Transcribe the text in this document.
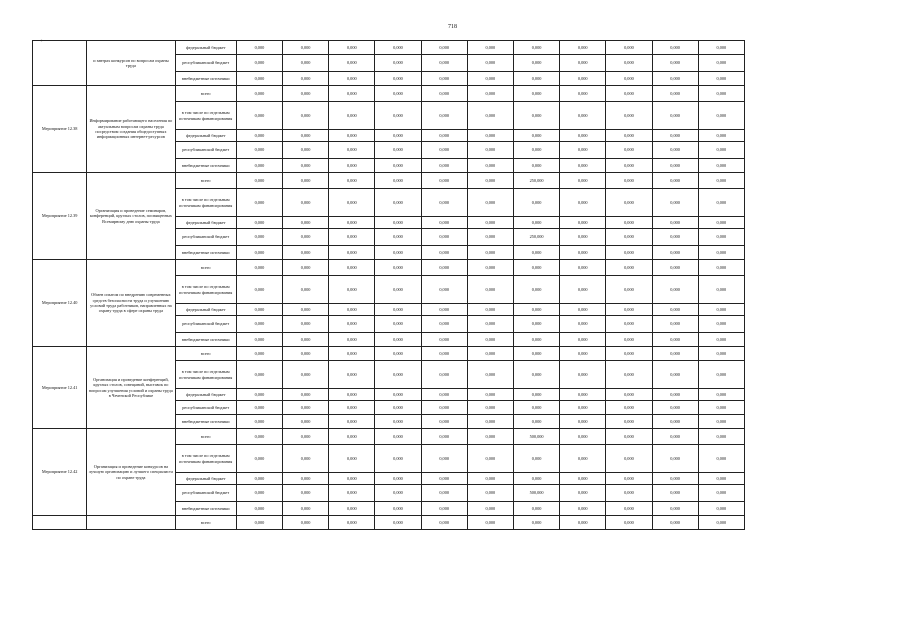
718
*
	и завтрах конкурсов по вопросам охраны труда	федеральный бюджет	0,000	0,000	0,000	0,000	0,000	0,000	0,000	0,000	0,000	0,000	0,000
		республиканский бюджет	0,000	0,000	0,000	0,000	0,000	0,000	0,000	0,000	0,000	0,000	0,000
		внебюджетные источники	0,000	0,000	0,000	0,000	0,000	0,000	0,000	0,000	0,000	0,000	0,000
Мероприятие 12.38	Информирование работающего населения по актуальным вопросам охраны труда посредством создания общедоступных информационных интернет-ресурсов	всего	0,000	0,000	0,000	0,000	0,000	0,000	0,000	0,000	0,000	0,000	0,000
		в том числе по отдельным источникам финансирования	0,000	0,000	0,000	0,000	0,000	0,000	0,000	0,000	0,000	0,000	0,000
		федеральный бюджет	0,000	0,000	0,000	0,000	0,000	0,000	0,000	0,000	0,000	0,000	0,000
		республиканский бюджет	0,000	0,000	0,000	0,000	0,000	0,000	0,000	0,000	0,000	0,000	0,000
		внебюджетные источники	0,000	0,000	0,000	0,000	0,000	0,000	0,000	0,000	0,000	0,000	0,000
Мероприятие 12.39	Организация и проведение семинаров, конференций, круглых столов, посвященных Всемирному дню охраны труда	всего	0,000	0,000	0,000	0,000	0,000	0,000	250,000	0,000	0,000	0,000	0,000
		в том числе по отдельным источникам финансирования	0,000	0,000	0,000	0,000	0,000	0,000	0,000	0,000	0,000	0,000	0,000
		федеральный бюджет	0,000	0,000	0,000	0,000	0,000	0,000	0,000	0,000	0,000	0,000	0,000
		республиканский бюджет	0,000	0,000	0,000	0,000	0,000	0,000	250,000	0,000	0,000	0,000	0,000
		внебюджетные источники	0,000	0,000	0,000	0,000	0,000	0,000	0,000	0,000	0,000	0,000	0,000
Мероприятие 12.40	Обмен опытом по внедрению современных средств безопасности труда и улучшению условий труда работников, направленных на охрану труда в сфере охраны труда	всего	0,000	0,000	0,000	0,000	0,000	0,000	0,000	0,000	0,000	0,000	0,000
		в том числе по отдельным источникам финансирования	0,000	0,000	0,000	0,000	0,000	0,000	0,000	0,000	0,000	0,000	0,000
		федеральный бюджет	0,000	0,000	0,000	0,000	0,000	0,000	0,000	0,000	0,000	0,000	0,000
		республиканский бюджет	0,000	0,000	0,000	0,000	0,000	0,000	0,000	0,000	0,000	0,000	0,000
		внебюджетные источники	0,000	0,000	0,000	0,000	0,000	0,000	0,000	0,000	0,000	0,000	0,000
Мероприятие 12.41	Организация и проведение конференций, круглых столов, совещаний, выставок по вопросам улучшения условий и охраны труда в Чеченской Республике	всего	0,000	0,000	0,000	0,000	0,000	0,000	0,000	0,000	0,000	0,000	0,000
		в том числе по отдельным источникам финансирования	0,000	0,000	0,000	0,000	0,000	0,000	0,000	0,000	0,000	0,000	0,000
		федеральный бюджет	0,000	0,000	0,000	0,000	0,000	0,000	0,000	0,000	0,000	0,000	0,000
		республиканский бюджет	0,000	0,000	0,000	0,000	0,000	0,000	0,000	0,000	0,000	0,000	0,000
		внебюджетные источники	0,000	0,000	0,000	0,000	0,000	0,000	0,000	0,000	0,000	0,000	0,000
Мероприятие 12.42	Организация и проведение конкурсов на лучшую организацию и лучшего специалиста по охране труда	всего	0,000	0,000	0,000	0,000	0,000	0,000	500,000	0,000	0,000	0,000	0,000
		в том числе по отдельным источникам финансирования	0,000	0,000	0,000	0,000	0,000	0,000	0,000	0,000	0,000	0,000	0,000
		федеральный бюджет	0,000	0,000	0,000	0,000	0,000	0,000	0,000	0,000	0,000	0,000	0,000
		республиканский бюджет	0,000	0,000	0,000	0,000	0,000	0,000	500,000	0,000	0,000	0,000	0,000
		внебюджетные источники	0,000	0,000	0,000	0,000	0,000	0,000	0,000	0,000	0,000	0,000	0,000
		всего	0,000	0,000	0,000	0,000	0,000	0,000	0,000	0,000	0,000	0,000	0,000
